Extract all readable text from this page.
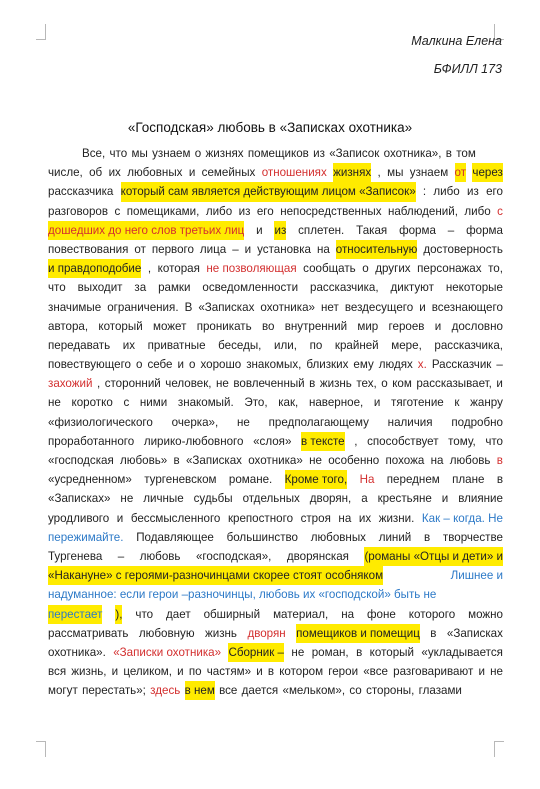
Малкина Елена
БФИЛЛ 173
«Господская» любовь в «Записках охотника»
Все, что мы узнаем о жизнях помещиков из «Записок охотника», в том
числе, об их любовных и семейных отношениях жизнях , мы узнаем от через
рассказчика который сам является действующим лицом «Записок» : либо из его
разговоров с помещиками, либо из его непосредственных наблюдений, либо с
дошедших до него слов третьих лиц и из сплетен. Такая форма – форма
повествования от первого лица – и установка на относительную достоверность
и правдоподобие , которая не позволяющая сообщать о других персонажах то,
что выходит за рамки осведомленности рассказчика, диктуют некоторые
значимые ограничения. В «Записках охотника» нет вездесущего и всезнающего
автора, который может проникать во внутренний мир героев и дословно
передавать их приватные беседы, или, по крайней мере, рассказчика,
повествующего о себе и о хорошо знакомых, близких ему людях х. Рассказчик –
захожий , сторонний человек, не вовлеченный в жизнь тех, о ком рассказывает, и
не коротко с ними знакомый. Это, как, наверное, и тяготение к жанру
«физиологического очерка», не предполагающему наличия подробно
проработанного лирико-любовного «слоя» в тексте , способствует тому, что
«господская любовь» в «Записках охотника» не особенно похожа на любовь в
«усредненном» тургеневском романе. Кроме того, На переднем плане в
«Записках» не личные судьбы отдельных дворян, а крестьяне и влияние
уродливого и бессмысленного крепостного строя на их жизни. Как – когда. Не
пережимайте. Подавляющее большинство любовных линий в творчестве
Тургенева – любовь «господская», дворянская (романы «Отцы и дети» и
«Накануне» с героями-разночинцами скорее стоят особняком	Лишнее и
надуманное: если герои –разночинцы, любовь их «господской» быть не
перестает ), что дает обширный материал, на фоне которого можно
рассматривать любовную жизнь дворян помещиков и помещиц в «Записках
охотника». «Записки охотника» Сборник – не роман, в который «укладывается
вся жизнь, и целиком, и по частям» и в котором герои «все разговаривают и не
могут перестать»; здесь в нем все дается «мельком», со стороны, глазами
